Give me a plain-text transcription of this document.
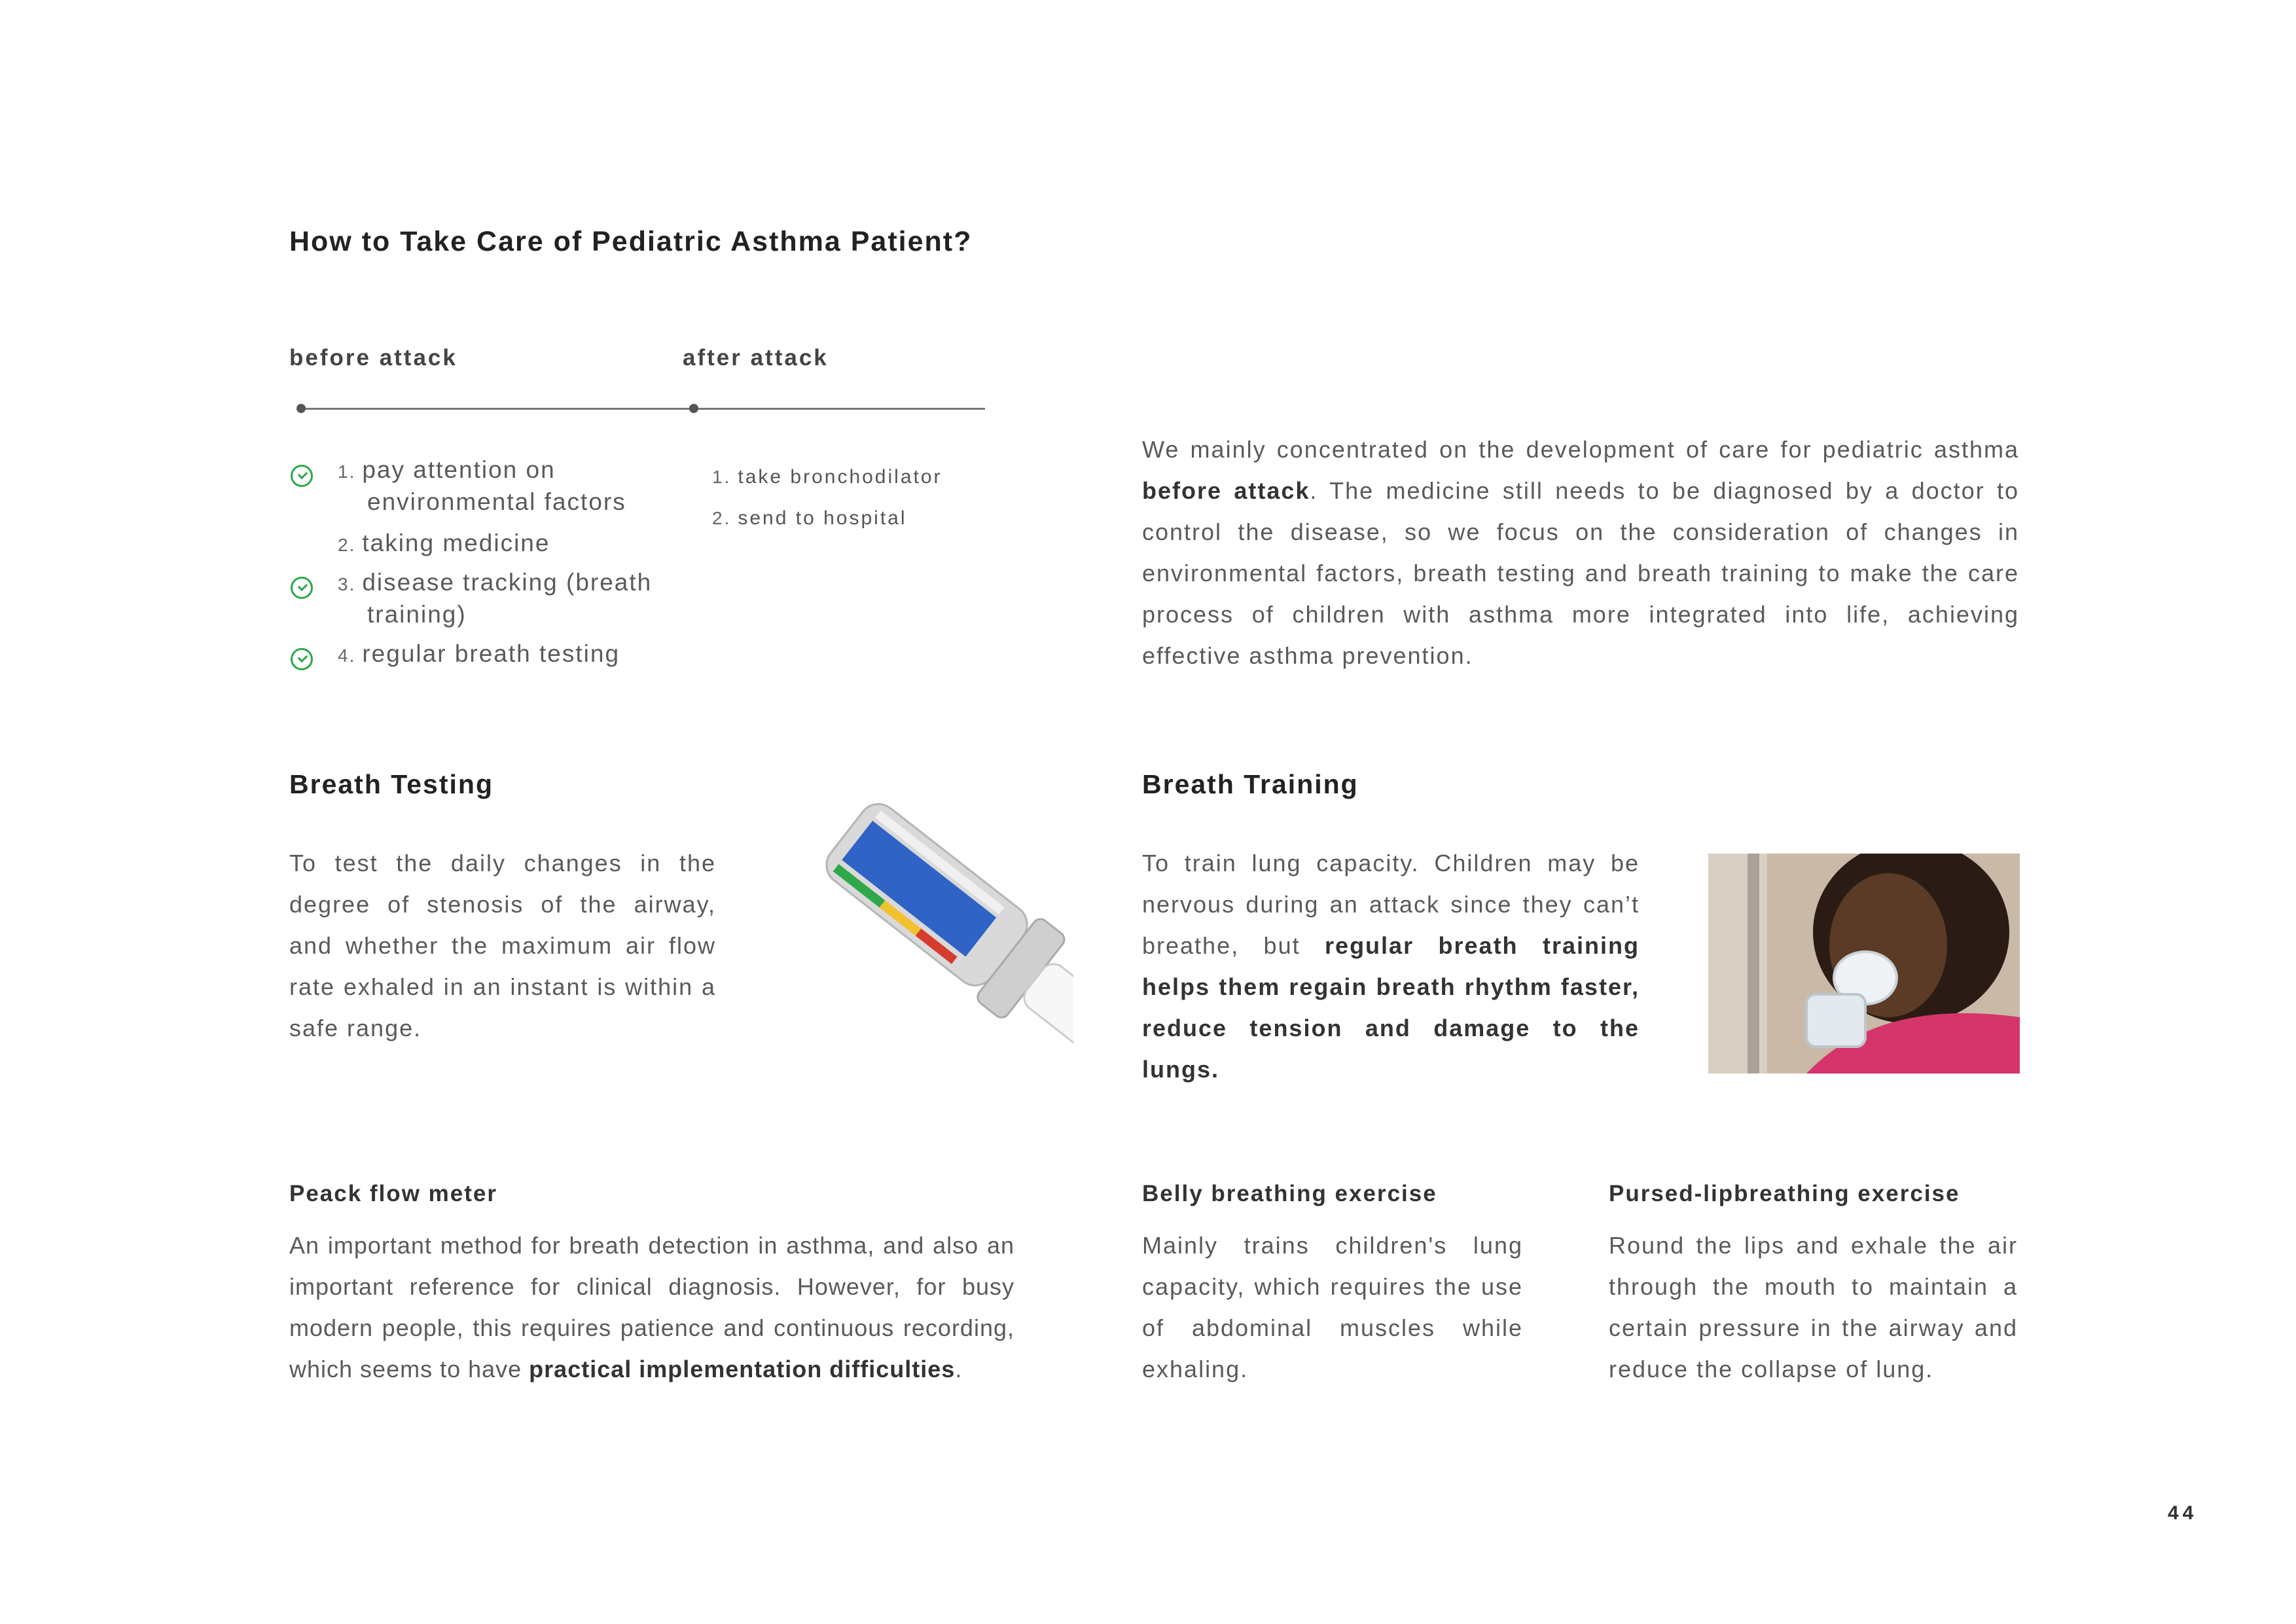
How to Take Care of Pediatric Asthma Patient?
before attack	after attack
1. pay attention on
environmental factors
2. taking medicine
3. disease tracking (breath
training)
4. regular breath testing
1. take bronchodilator
2. send to hospital
We mainly concentrated on the development of care for pediatric asthma before attack. The medicine still needs to be diagnosed by a doctor to control the disease, so we focus on the consideration of changes in environmental factors, breath testing and breath training to make the care process of children with asthma more integrated into life, achieving effective asthma prevention.
Breath Testing
To test the daily changes in the degree of stenosis of the airway, and whether the maximum air flow rate exhaled in an instant is within a safe range.
Breath Training
To train lung capacity. Children may be nervous during an attack since they can’t breathe, but regular breath training helps them regain breath rhythm faster, reduce tension and damage to the lungs.
Peack flow meter
An important method for breath detection in asthma, and also an important reference for clinical diagnosis. However, for busy modern people, this requires patience and continuous recording, which seems to have practical implementation difficulties.
Belly breathing exercise
Mainly trains children's lung capacity, which requires the use of abdominal muscles while exhaling.
Pursed-lipbreathing exercise
Round the lips and exhale the air through the mouth to maintain a certain pressure in the airway and reduce the collapse of lung.
44
